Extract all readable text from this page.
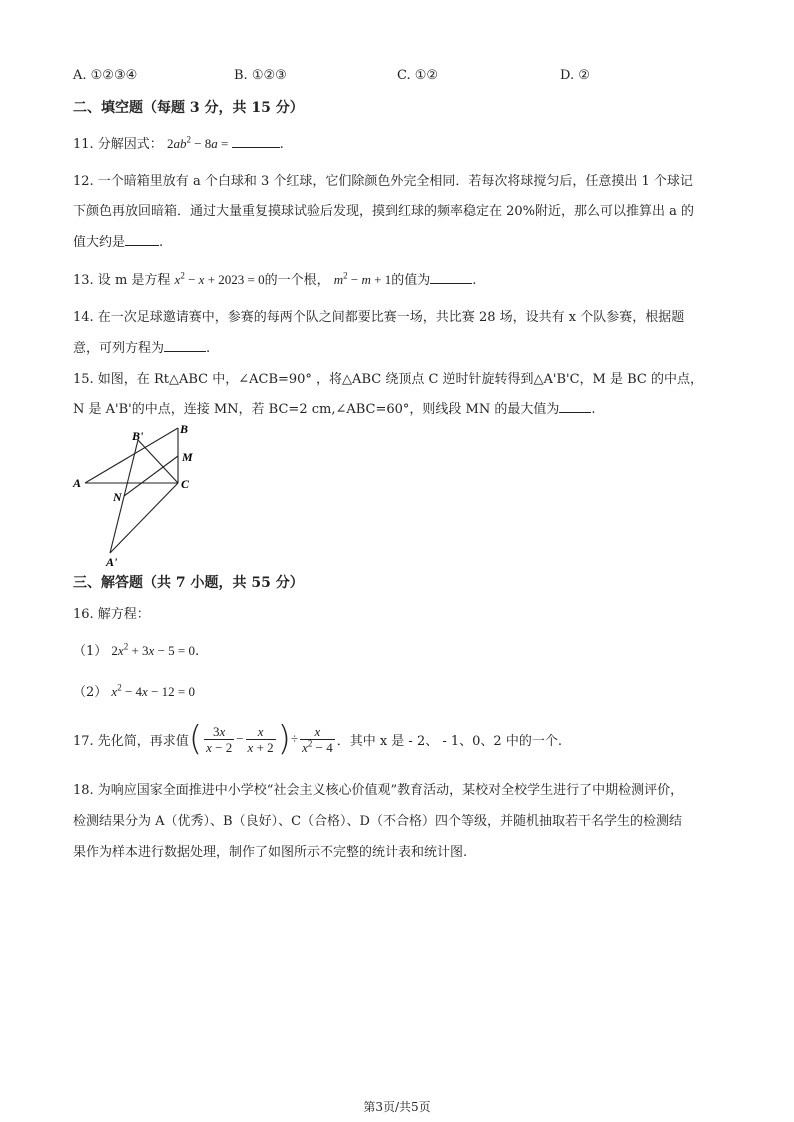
A. ①②③④	B. ①②③	C. ①②	D. ②
二、填空题（每题 3 分，共 15 分）
11. 分解因式： $2ab^2 - 8a$ =	.
12. 一个暗箱里放有 a 个白球和 3 个红球，它们除颜色外完全相同．若每次将球搅匀后，任意摸出 1 个球记
下颜色再放回暗箱．通过大量重复摸球试验后发现，摸到红球的频率稳定在 20%附近，那么可以推算出 a 的
值大约是	.
13. 设 m 是方程 $x^2 - x + 2023 = 0$的一个根， $m^2 - m + 1$的值为	.
14. 在一次足球邀请赛中，参赛的每两个队之间都要比赛一场，共比赛 28 场，设共有 x 个队参赛，根据题
意，可列方程为	.
15. 如图，在 Rt△ABC 中，∠ACB=90° ，将△ABC 绕顶点 C 逆时针旋转得到△A'B'C，M 是 BC 的中点，
N 是 A'B'的中点，连接 MN，若 BC=2 cm,∠ABC=60°，则线段 MN 的最大值为 .
B
B'
M
A	C
N
A'
三、解答题（共 7 小题，共 55 分）
16. 解方程：
（1） $2x^2 + 3x - 5 = 0$.
（2） $x^2 - 4x - 12 = 0$
17. 先化简，再求值 ( $\frac{3x}{x - 2} - \frac{x}{x + 2}$ ) ÷ $\frac{x}{x^2 - 4}$ ．其中 x 是 - 2、 - 1、0、2 中的一个.
18. 为响应国家全面推进中小学校“社会主义核心价值观”教育活动，某校对全校学生进行了中期检测评价，
检测结果分为 A（优秀）、B（良好）、C（合格）、D（不合格）四个等级，并随机抽取若干名学生的检测结
果作为样本进行数据处理，制作了如图所示不完整的统计表和统计图.
第3页/共5页
